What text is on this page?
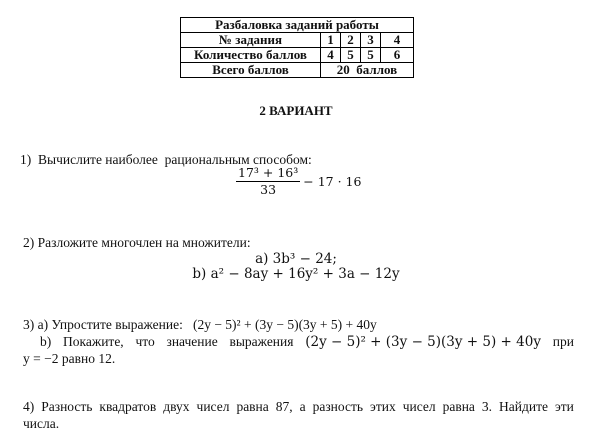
Разбаловка заданий работы				
№ задания	1	2	3	4
Количество баллов	4	5	5	6
Всего баллов	20  баллов			
2 ВАРИАНТ
1)  Вычислите наиболее  рациональным способом:
$\frac{\text{17³ + 16³}}{33} - 17 \cdot 16$
2) Разложите многочлен на множители:
а) 3b³ − 24;
b) a² − 8ay + 16y² + 3a − 12y
3) а) Упростите выражение:   (2y − 5)² + (3y − 5)(3y + 5) + 40y
b) Покажите, что значение выражения (2y − 5)² + (3y − 5)(3y + 5) + 40y при
y = −2 равно 12.
4) Разность квадратов двух чисел равна 87, а разность этих чисел равна 3. Найдите эти
числа.
